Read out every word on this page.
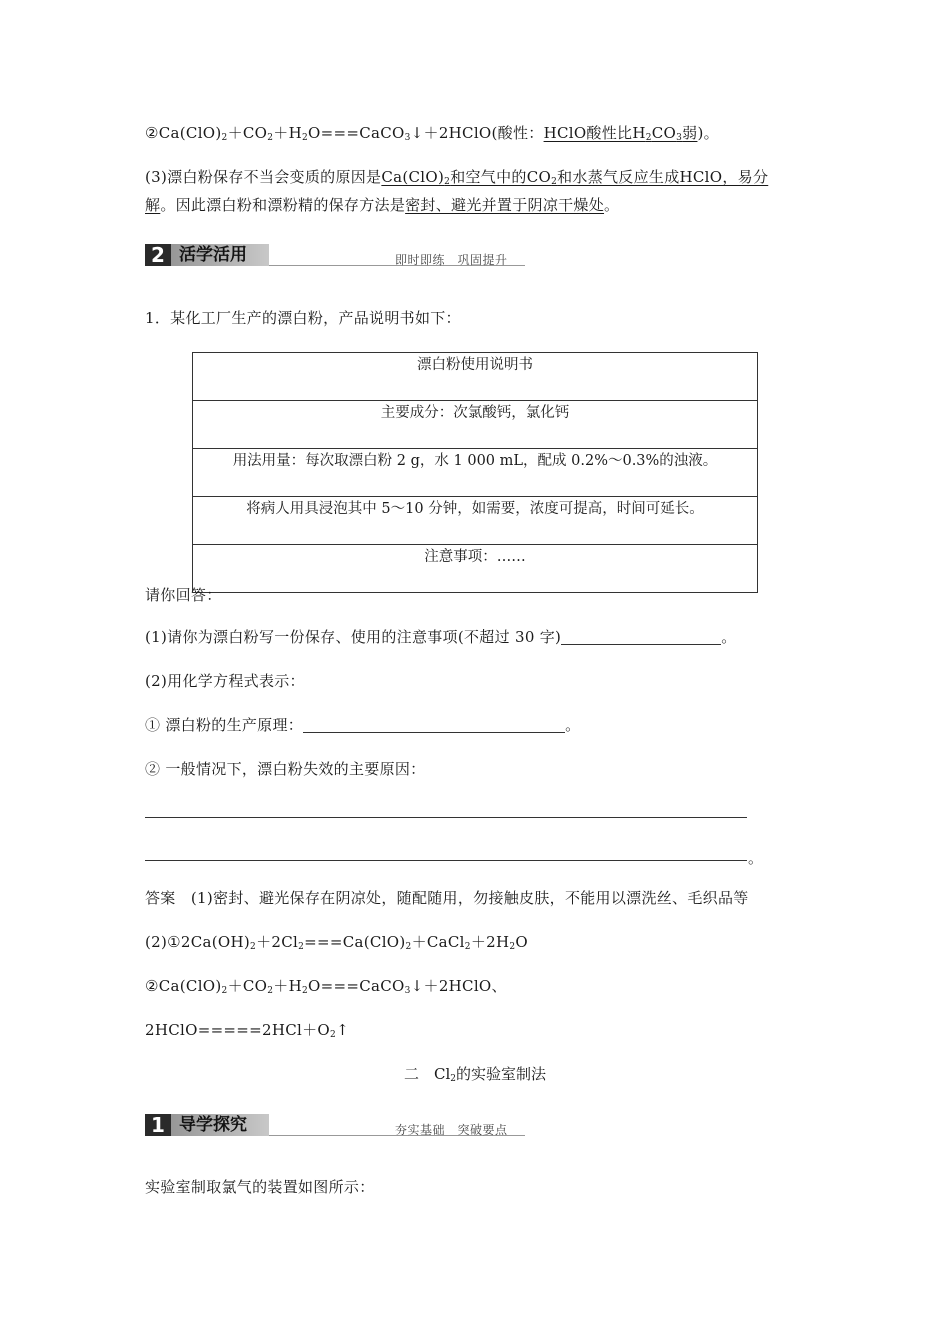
$②Ca(ClO)_2+CO_2+H_2O===CaCO_3↓+2HClO$(酸性：HClO酸性比$H_2CO_3$弱)。
(3)漂白粉保存不当会变质的原因是$Ca(ClO)_2$和空气中的$CO_2$和水蒸气反应生成HClO，易分
解。因此漂白粉和漂粉精的保存方法是密封、避光并置于阴凉干燥处。
2 活学活用	即时即练　巩固提升
1．某化工厂生产的漂白粉，产品说明书如下：
漂白粉使用说明书
主要成分：次氯酸钙，氯化钙
用法用量：每次取漂白粉 2 g，水 1 000 mL，配成 0.2%～0.3%的浊液。
将病人用具浸泡其中 5～10 分钟，如需要，浓度可提高，时间可延长。
注意事项：……
请你回答：
(1)请你为漂白粉写一份保存、使用的注意事项(不超过 30 字)	。
(2)用化学方程式表示：
① 漂白粉的生产原理：	。
② 一般情况下，漂白粉失效的主要原因：
。
答案　(1)密封、避光保存在阴凉处，随配随用，勿接触皮肤，不能用以漂洗丝、毛织品等
$(2)①2Ca(OH)_2+2Cl_2===Ca(ClO)_2+CaCl_2+2H_2O$
$②Ca(ClO)_2+CO_2+H_2O===CaCO_3↓+2HClO$、
$2HClO=====2HCl+O_2↑$
二　$Cl_2$的实验室制法
1 导学探究	夯实基础　突破要点
实验室制取氯气的装置如图所示：
